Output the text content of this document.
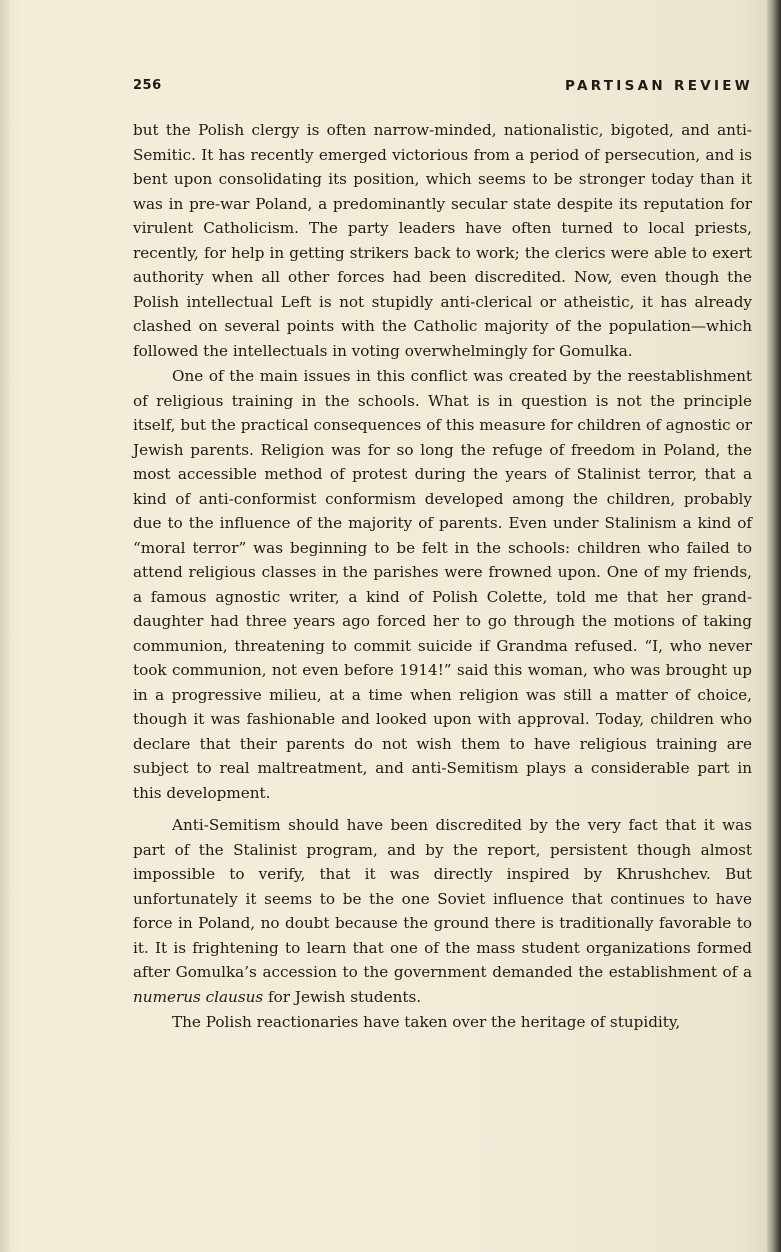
256	PARTISAN REVIEW

but the Polish clergy is often narrow-minded, nationalistic, bigoted, and anti-Semitic. It has recently emerged victorious from a period of persecution, and is bent upon consolidating its position, which seems to be stronger today than it was in pre-war Poland, a predominantly secular state despite its reputation for virulent Catholicism. The party leaders have often turned to local priests, recently, for help in getting strikers back to work; the clerics were able to exert authority when all other forces had been discredited. Now, even though the Polish intellectual Left is not stupidly anti-clerical or atheistic, it has already clashed on several points with the Catholic majority of the population—which followed the intellectuals in voting overwhelmingly for Gomulka.

One of the main issues in this conflict was created by the reestablishment of religious training in the schools. What is in question is not the principle itself, but the practical consequences of this measure for children of agnostic or Jewish parents. Religion was for so long the refuge of freedom in Poland, the most accessible method of protest during the years of Stalinist terror, that a kind of anti-conformist conformism developed among the children, probably due to the influence of the majority of parents. Even under Stalinism a kind of “moral terror” was beginning to be felt in the schools: children who failed to attend religious classes in the parishes were frowned upon. One of my friends, a famous agnostic writer, a kind of Polish Colette, told me that her grand-daughter had three years ago forced her to go through the motions of taking communion, threatening to commit suicide if Grandma refused. “I, who never took communion, not even before 1914!” said this woman, who was brought up in a progressive milieu, at a time when religion was still a matter of choice, though it was fashionable and looked upon with approval. Today, children who declare that their parents do not wish them to have religious training are subject to real maltreatment, and anti-Semitism plays a considerable part in this development.

Anti-Semitism should have been discredited by the very fact that it was part of the Stalinist program, and by the report, persistent though almost impossible to verify, that it was directly inspired by Khrushchev. But unfortunately it seems to be the one Soviet influence that continues to have force in Poland, no doubt because the ground there is traditionally favorable to it. It is frightening to learn that one of the mass student organizations formed after Gomulka’s accession to the government demanded the establishment of a numerus clausus for Jewish students.

The Polish reactionaries have taken over the heritage of stupidity,
